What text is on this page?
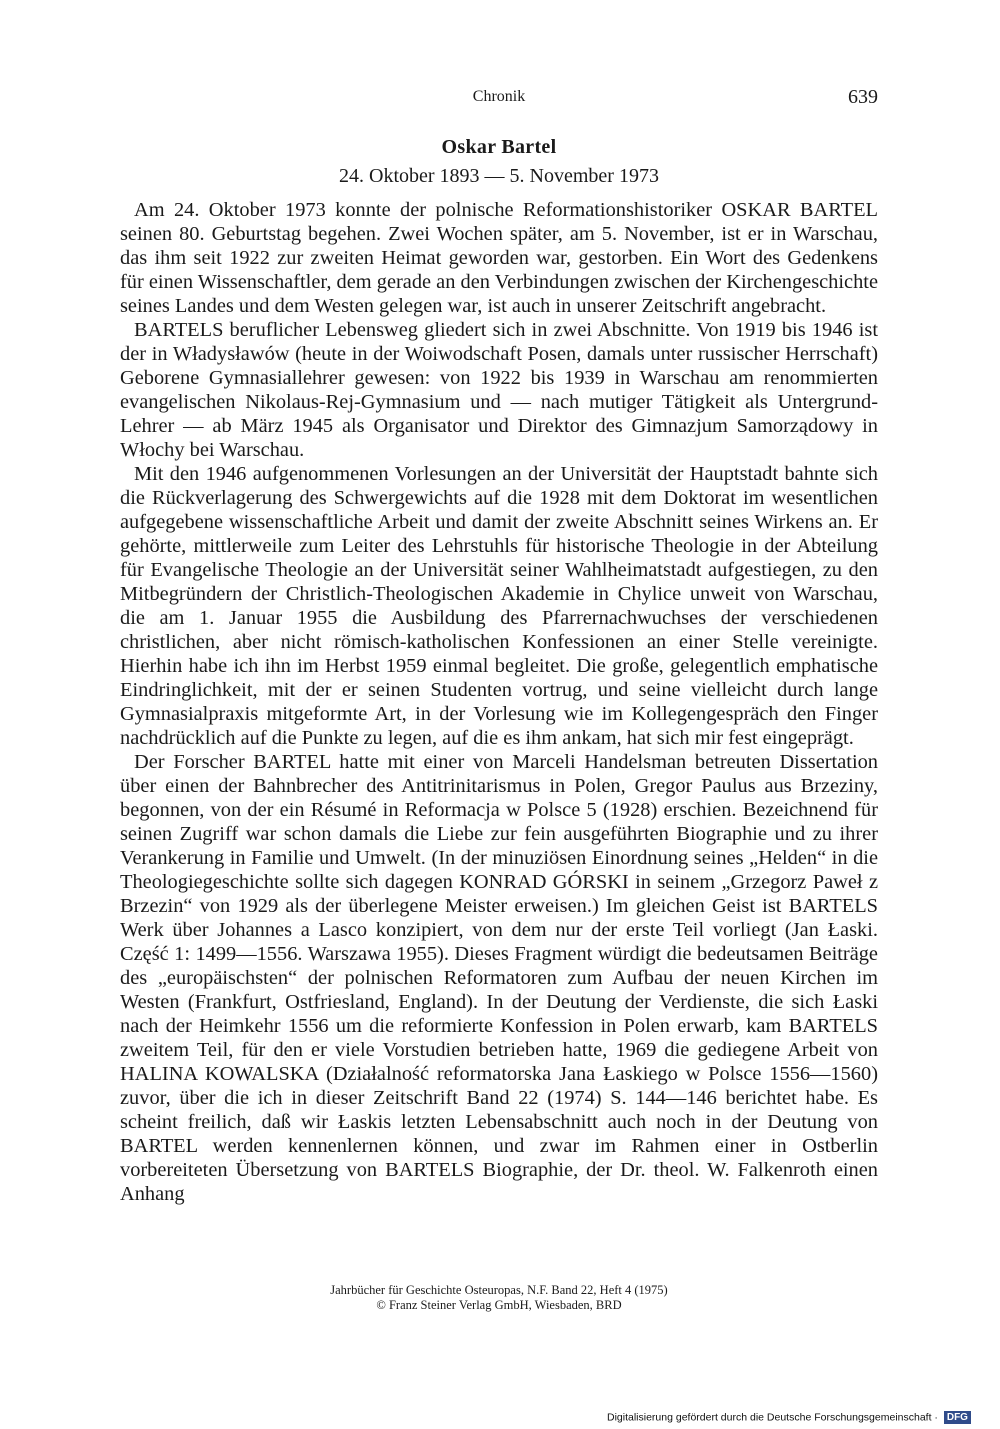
Chronik	639
Oskar Bartel
24. Oktober 1893 — 5. November 1973

Am 24. Oktober 1973 konnte der polnische Reformationshistoriker OSKAR BARTEL seinen 80. Geburtstag begehen. Zwei Wochen später, am 5. November, ist er in Warschau, das ihm seit 1922 zur zweiten Heimat geworden war, gestorben. Ein Wort des Gedenkens für einen Wissenschaftler, dem gerade an den Verbindungen zwischen der Kirchengeschichte seines Landes und dem Westen gelegen war, ist auch in unserer Zeitschrift angebracht.

BARTELS beruflicher Lebensweg gliedert sich in zwei Abschnitte. Von 1919 bis 1946 ist der in Władysławów (heute in der Woiwodschaft Posen, damals unter russischer Herrschaft) Geborene Gymnasiallehrer gewesen: von 1922 bis 1939 in Warschau am renommierten evangelischen Nikolaus-Rej-Gymnasium und — nach mutiger Tätigkeit als Untergrund-Lehrer — ab März 1945 als Organisator und Direktor des Gimnazjum Samorządowy in Włochy bei Warschau.

Mit den 1946 aufgenommenen Vorlesungen an der Universität der Hauptstadt bahnte sich die Rückverlagerung des Schwergewichts auf die 1928 mit dem Doktorat im wesentlichen aufgegebene wissenschaftliche Arbeit und damit der zweite Abschnitt seines Wirkens an. Er gehörte, mittlerweile zum Leiter des Lehrstuhls für historische Theologie in der Abteilung für Evangelische Theologie an der Universität seiner Wahlheimatstadt aufgestiegen, zu den Mitbegründern der Christlich-Theologischen Akademie in Chylice unweit von Warschau, die am 1. Januar 1955 die Ausbildung des Pfarrernachwuchses der verschiedenen christlichen, aber nicht römisch-katholischen Konfessionen an einer Stelle vereinigte. Hierhin habe ich ihn im Herbst 1959 einmal begleitet. Die große, gelegentlich emphatische Eindringlichkeit, mit der er seinen Studenten vortrug, und seine vielleicht durch lange Gymnasialpraxis mitgeformte Art, in der Vorlesung wie im Kollegengespräch den Finger nachdrücklich auf die Punkte zu legen, auf die es ihm ankam, hat sich mir fest eingeprägt.

Der Forscher BARTEL hatte mit einer von Marceli Handelsman betreuten Dissertation über einen der Bahnbrecher des Antitrinitarismus in Polen, Gregor Paulus aus Brzeziny, begonnen, von der ein Résumé in Reformacja w Polsce 5 (1928) erschien. Bezeichnend für seinen Zugriff war schon damals die Liebe zur fein ausgeführten Biographie und zu ihrer Verankerung in Familie und Umwelt. (In der minuziösen Einordnung seines „Helden“ in die Theologiegeschichte sollte sich dagegen KONRAD GÓRSKI in seinem „Grzegorz Paweł z Brzezin“ von 1929 als der überlegene Meister erweisen.) Im gleichen Geist ist BARTELS Werk über Johannes a Lasco konzipiert, von dem nur der erste Teil vorliegt (Jan Łaski. Część 1: 1499—1556. Warszawa 1955). Dieses Fragment würdigt die bedeutsamen Beiträge des „europäischsten“ der polnischen Reformatoren zum Aufbau der neuen Kirchen im Westen (Frankfurt, Ostfriesland, England). In der Deutung der Verdienste, die sich Łaski nach der Heimkehr 1556 um die reformierte Konfession in Polen erwarb, kam BARTELS zweitem Teil, für den er viele Vorstudien betrieben hatte, 1969 die gediegene Arbeit von HALINA KOWALSKA (Działalność reformatorska Jana Łaskiego w Polsce 1556—1560) zuvor, über die ich in dieser Zeitschrift Band 22 (1974) S. 144—146 berichtet habe. Es scheint freilich, daß wir Łaskis letzten Lebensabschnitt auch noch in der Deutung von BARTEL werden kennenlernen können, und zwar im Rahmen einer in Ostberlin vorbereiteten Übersetzung von BARTELS Biographie, der Dr. theol. W. Falkenroth einen Anhang

Jahrbücher für Geschichte Osteuropas, N.F. Band 22, Heft 4 (1975)
© Franz Steiner Verlag GmbH, Wiesbaden, BRD
Digitalisierung gefördert durch die Deutsche Forschungsgemeinschaft · DFG
